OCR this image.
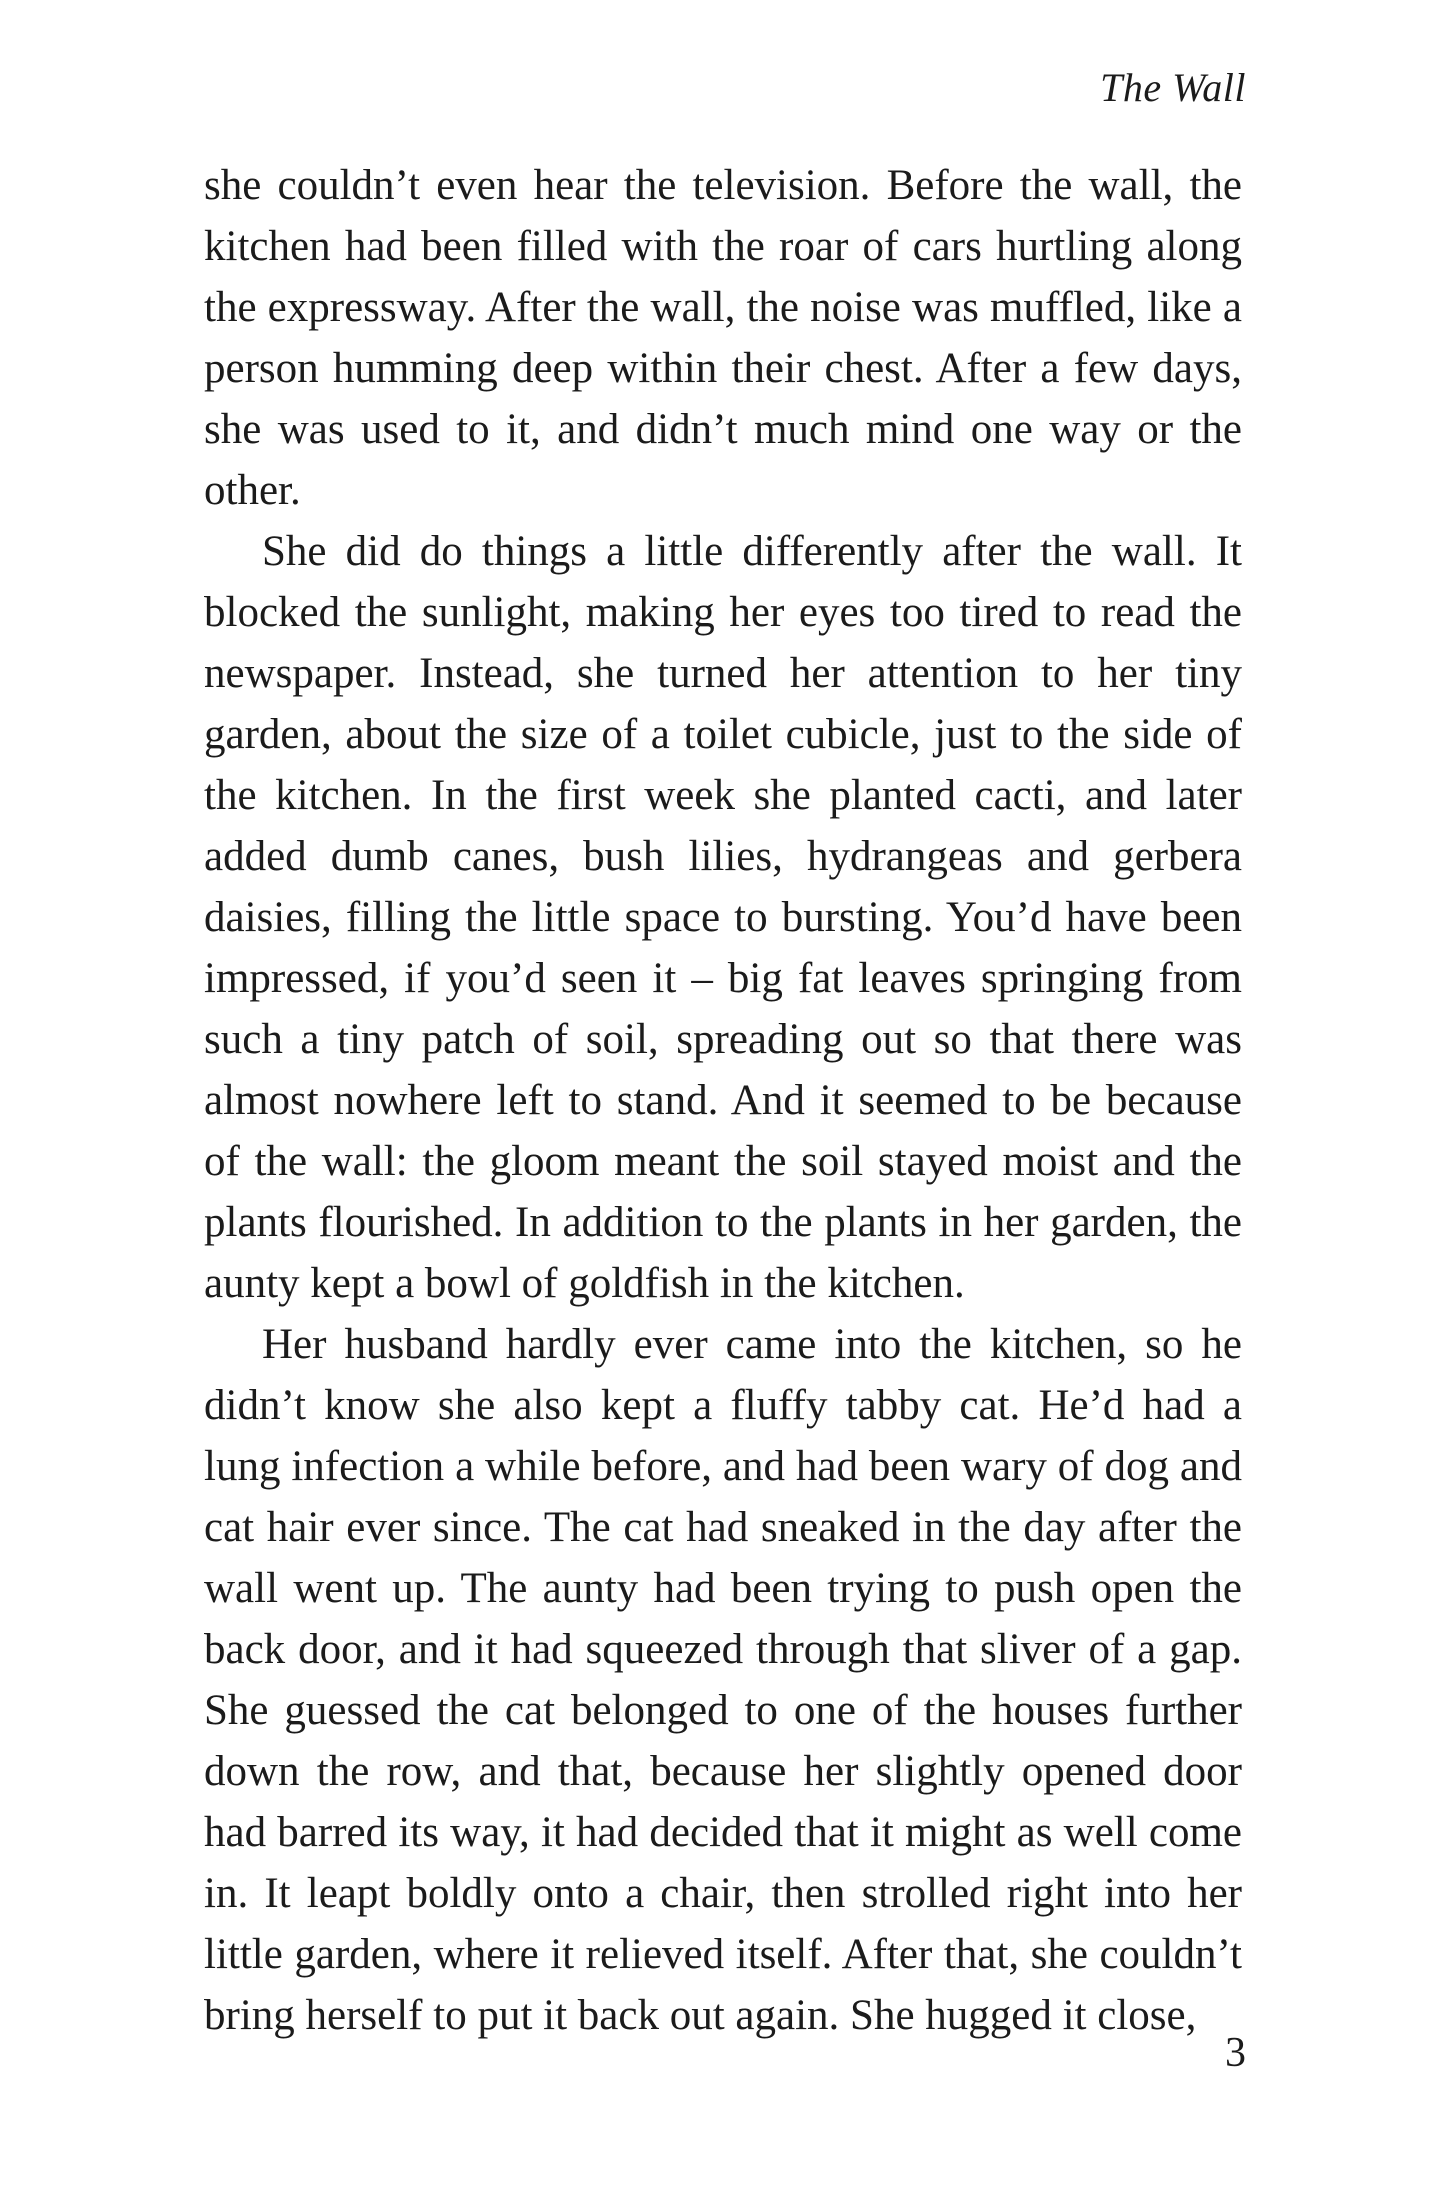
The Wall

she couldn’t even hear the television. Before the wall, the kitchen had been filled with the roar of cars hurtling along the expressway. After the wall, the noise was muffled, like a person humming deep within their chest. After a few days, she was used to it, and didn’t much mind one way or the other.

She did do things a little differently after the wall. It blocked the sunlight, making her eyes too tired to read the newspaper. Instead, she turned her attention to her tiny garden, about the size of a toilet cubicle, just to the side of the kitchen. In the first week she planted cacti, and later added dumb canes, bush lilies, hydrangeas and gerbera daisies, filling the little space to bursting. You’d have been impressed, if you’d seen it – big fat leaves springing from such a tiny patch of soil, spreading out so that there was almost nowhere left to stand. And it seemed to be because of the wall: the gloom meant the soil stayed moist and the plants flourished. In addition to the plants in her garden, the aunty kept a bowl of goldfish in the kitchen.

Her husband hardly ever came into the kitchen, so he didn’t know she also kept a fluffy tabby cat. He’d had a lung infection a while before, and had been wary of dog and cat hair ever since. The cat had sneaked in the day after the wall went up. The aunty had been trying to push open the back door, and it had squeezed through that sliver of a gap. She guessed the cat belonged to one of the houses further down the row, and that, because her slightly opened door had barred its way, it had decided that it might as well come in. It leapt boldly onto a chair, then strolled right into her little garden, where it relieved itself. After that, she couldn’t bring herself to put it back out again. She hugged it close,

3
